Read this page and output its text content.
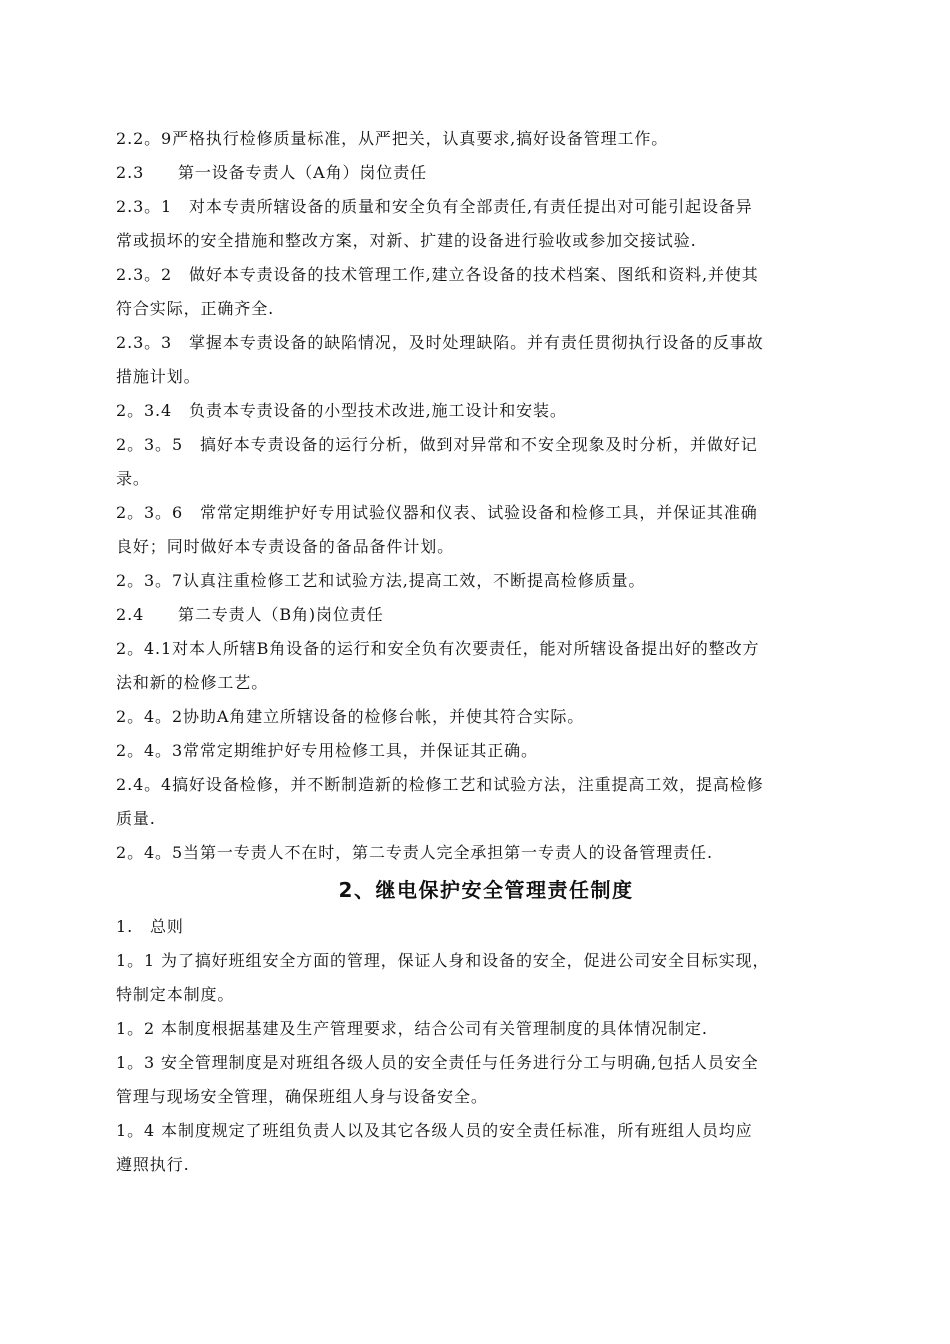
2.2。9严格执行检修质量标准，从严把关，认真要求,搞好设备管理工作。
2.3　　第一设备专责人（A角）岗位责任
2.3。1　对本专责所辖设备的质量和安全负有全部责任,有责任提出对可能引起设备异
常或损坏的安全措施和整改方案，对新、扩建的设备进行验收或参加交接试验.
2.3。2　做好本专责设备的技术管理工作,建立各设备的技术档案、图纸和资料,并使其
符合实际，正确齐全.
2.3。3　掌握本专责设备的缺陷情况，及时处理缺陷。并有责任贯彻执行设备的反事故
措施计划。
2。3.4　负责本专责设备的小型技术改进,施工设计和安装。
2。3。5　搞好本专责设备的运行分析，做到对异常和不安全现象及时分析，并做好记
录。
2。3。6　常常定期维护好专用试验仪器和仪表、试验设备和检修工具，并保证其准确
良好；同时做好本专责设备的备品备件计划。
2。3。7认真注重检修工艺和试验方法,提高工效，不断提高检修质量。
2.4　　第二专责人（B角)岗位责任
2。4.1对本人所辖B角设备的运行和安全负有次要责任，能对所辖设备提出好的整改方
法和新的检修工艺。
2。4。2协助A角建立所辖设备的检修台帐，并使其符合实际。
2。4。3常常定期维护好专用检修工具，并保证其正确。
2.4。4搞好设备检修，并不断制造新的检修工艺和试验方法，注重提高工效，提高检修
质量.
2。4。5当第一专责人不在时，第二专责人完全承担第一专责人的设备管理责任.
2、继电保护安全管理责任制度
1.　总则
1。1 为了搞好班组安全方面的管理，保证人身和设备的安全，促进公司安全目标实现，
特制定本制度。
1。2 本制度根据基建及生产管理要求，结合公司有关管理制度的具体情况制定.
1。3 安全管理制度是对班组各级人员的安全责任与任务进行分工与明确,包括人员安全
管理与现场安全管理，确保班组人身与设备安全。
1。4 本制度规定了班组负责人以及其它各级人员的安全责任标准，所有班组人员均应
遵照执行.
